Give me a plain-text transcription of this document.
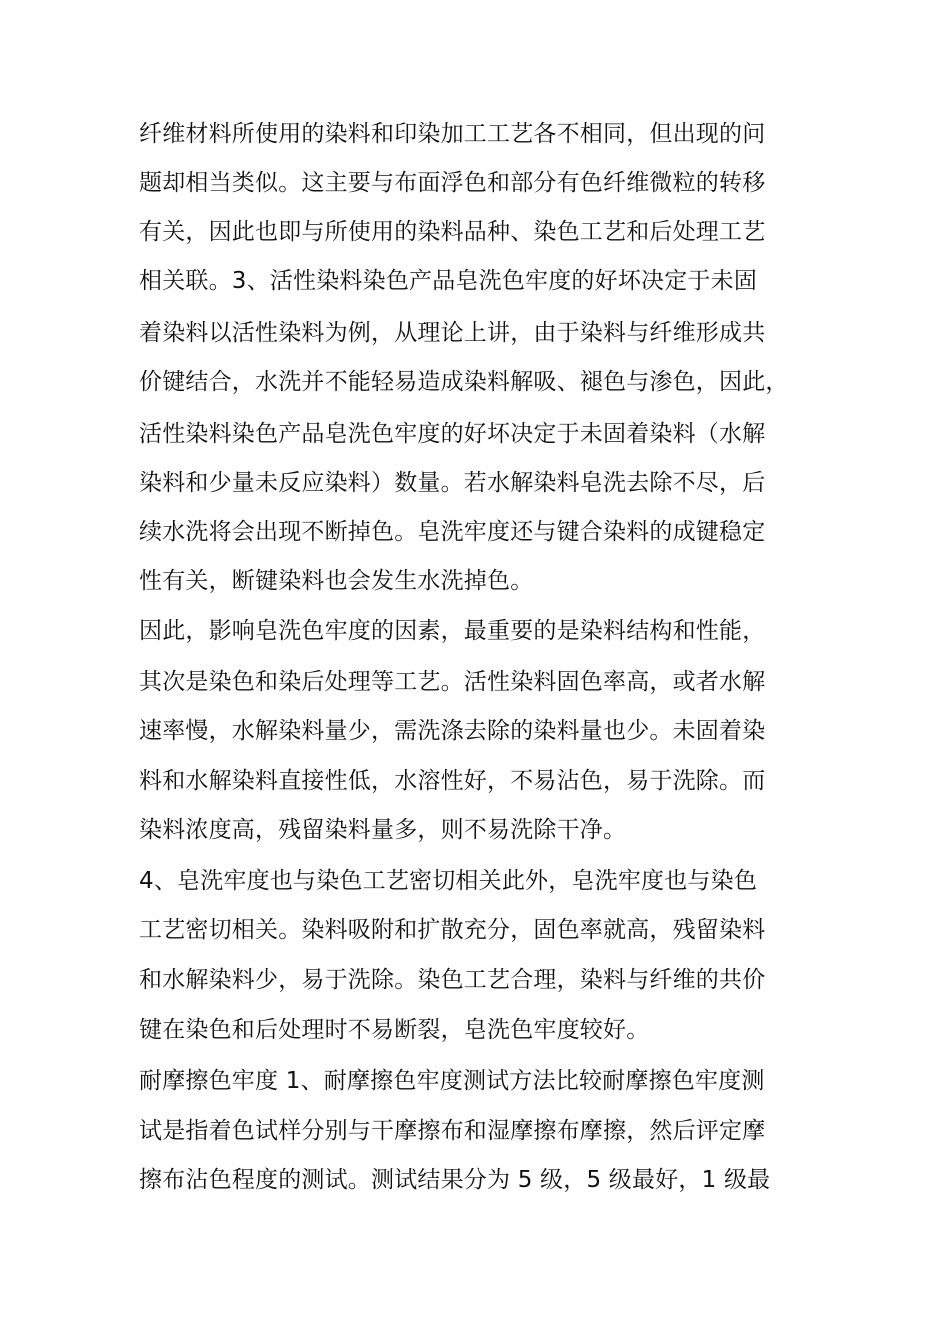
纤维材料所使用的染料和印染加工工艺各不相同，但出现的问
题却相当类似。这主要与布面浮色和部分有色纤维微粒的转移
有关，因此也即与所使用的染料品种、染色工艺和后处理工艺
相关联。3、活性染料染色产品皂洗色牢度的好坏决定于未固
着染料以活性染料为例，从理论上讲，由于染料与纤维形成共
价键结合，水洗并不能轻易造成染料解吸、褪色与渗色，因此，
活性染料染色产品皂洗色牢度的好坏决定于未固着染料（水解
染料和少量未反应染料）数量。若水解染料皂洗去除不尽，后
续水洗将会出现不断掉色。皂洗牢度还与键合染料的成键稳定
性有关，断键染料也会发生水洗掉色。
因此，影响皂洗色牢度的因素，最重要的是染料结构和性能，
其次是染色和染后处理等工艺。活性染料固色率高，或者水解
速率慢，水解染料量少，需洗涤去除的染料量也少。未固着染
料和水解染料直接性低，水溶性好，不易沾色，易于洗除。而
染料浓度高，残留染料量多，则不易洗除干净。
4、皂洗牢度也与染色工艺密切相关此外，皂洗牢度也与染色
工艺密切相关。染料吸附和扩散充分，固色率就高，残留染料
和水解染料少，易于洗除。染色工艺合理，染料与纤维的共价
键在染色和后处理时不易断裂，皂洗色牢度较好。
耐摩擦色牢度 1、耐摩擦色牢度测试方法比较耐摩擦色牢度测
试是指着色试样分别与干摩擦布和湿摩擦布摩擦，然后评定摩
擦布沾色程度的测试。测试结果分为 5 级，5 级最好，1 级最
